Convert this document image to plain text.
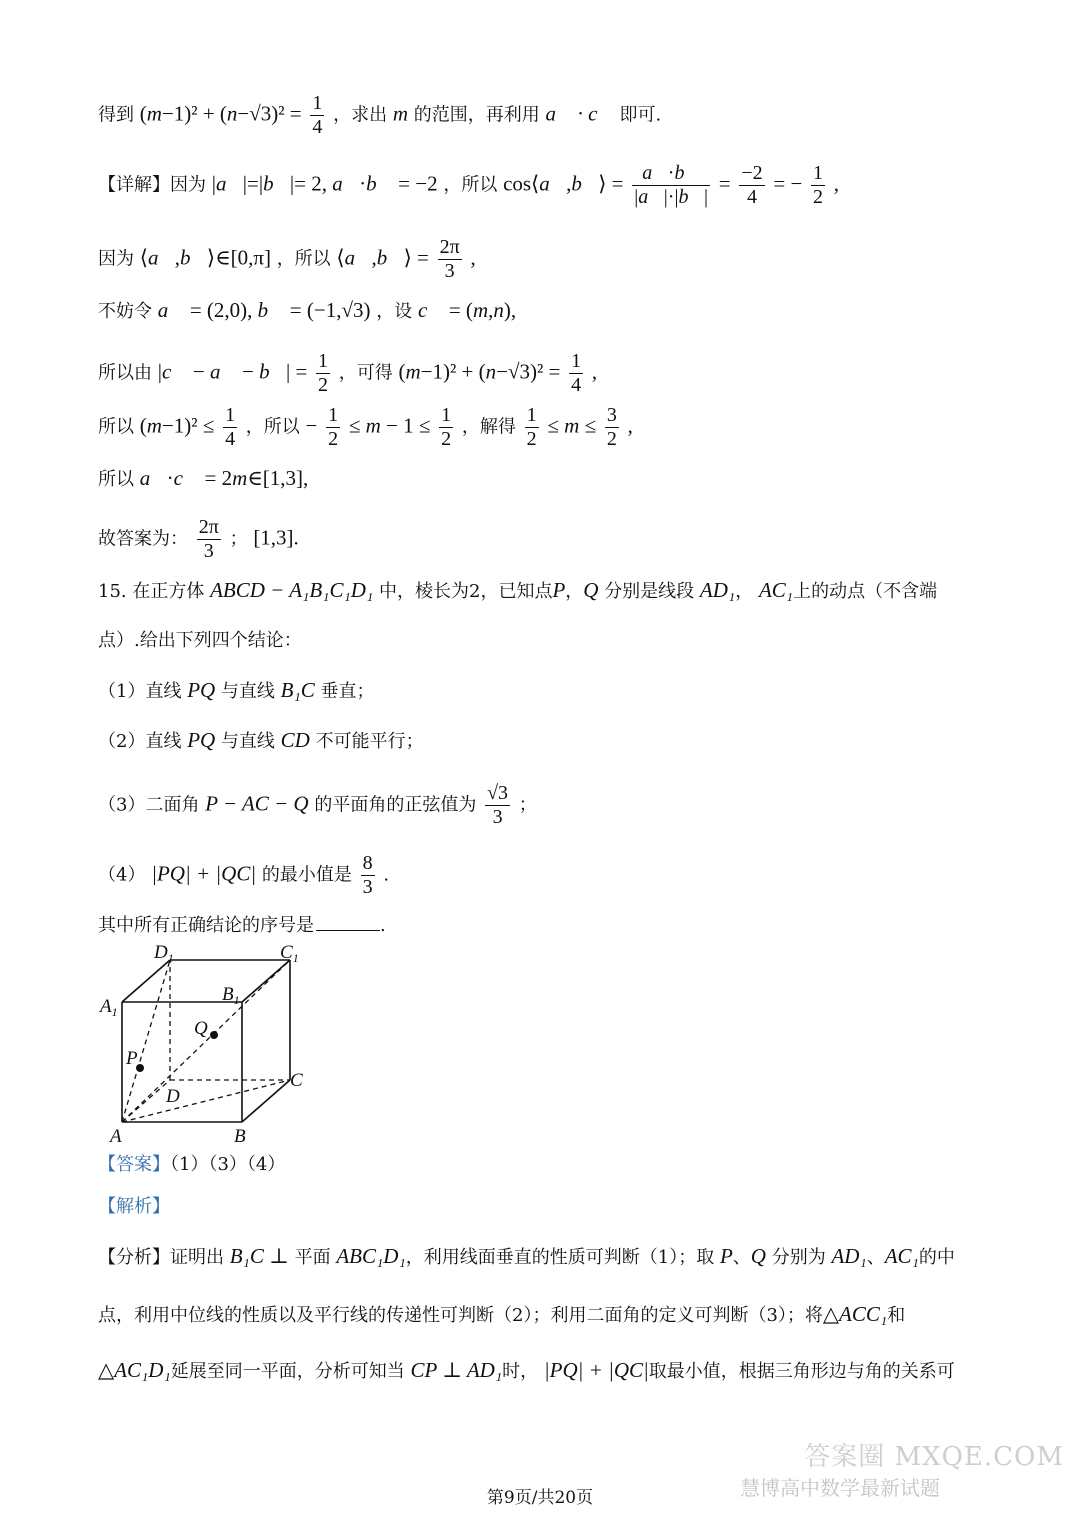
得到 $(m-1)^2 + (n-√3)^2 = \frac{1}{4}$ ，求出 m 的范围，再利用 a⃗ · c⃗ 即可.
【详解】因为 |a⃗|=|b⃗|= 2, a⃗·b⃗ = −2 ，所以 cos⟨a⃗,b⃗⟩ = $\frac{a⃗\cdot b⃗}{|a⃗|\cdot|b⃗|} = \frac{-2}{4}$ = − $\frac{1}{2}$ ,
因为 ⟨a⃗,b⃗⟩∈[0,π] ，所以 ⟨a⃗,b⃗⟩ = $\frac{2\pi}{3}$ ,
不妨令 a⃗ = (2,0), b⃗ = (−1,√3) ，设 c⃗ = (m,n),
所以由 |c⃗ − a⃗ − b⃗| = $\frac{1}{2}$ ，可得 $(m-1)^2 + (n-√3)^2 = \frac{1}{4}$ ,
所以 $(m-1)^2 \le \frac{1}{4}$ ，所以 − $\frac{1}{2} \le m - 1 \le \frac{1}{2}$ ，解得 $\frac{1}{2} \le m \le \frac{3}{2}$ ,
所以 a⃗·c⃗ = 2m∈[1,3],
故答案为： $\frac{2\pi}{3}$ ； [1,3].
15. 在正方体 ABCD − A₁B₁C₁D₁ 中，棱长为2，已知点P，Q 分别是线段 AD₁， AC₁上的动点（不含端
点）.给出下列四个结论：
（1）直线 PQ 与直线 B₁C 垂直；
（2）直线 PQ 与直线 CD 不可能平行；
（3）二面角 P − AC − Q 的平面角的正弦值为 $\frac{√3}{3}$ ；
（4） |PQ| + |QC| 的最小值是 $\frac{8}{3}$ .
其中所有正确结论的序号是	.
$D_1$	$C_1$
$A_1$
$B_1$
Q
P
C
D
A	B
【答案】（1）（3）（4）
【解析】
【分析】证明出 B₁C ⊥ 平面 ABC₁D₁，利用线面垂直的性质可判断（1）；取 P、Q 分别为 AD₁、AC₁的中
点，利用中位线的性质以及平行线的传递性可判断（2）；利用二面角的定义可判断（3）；将△ACC₁和
△AC₁D₁延展至同一平面，分析可知当 CP ⊥ AD₁时， |PQ| + |QC|取最小值，根据三角形边与角的关系可
答案圈 MXQE.COM
慧博高中数学最新试题
第9页/共20页
